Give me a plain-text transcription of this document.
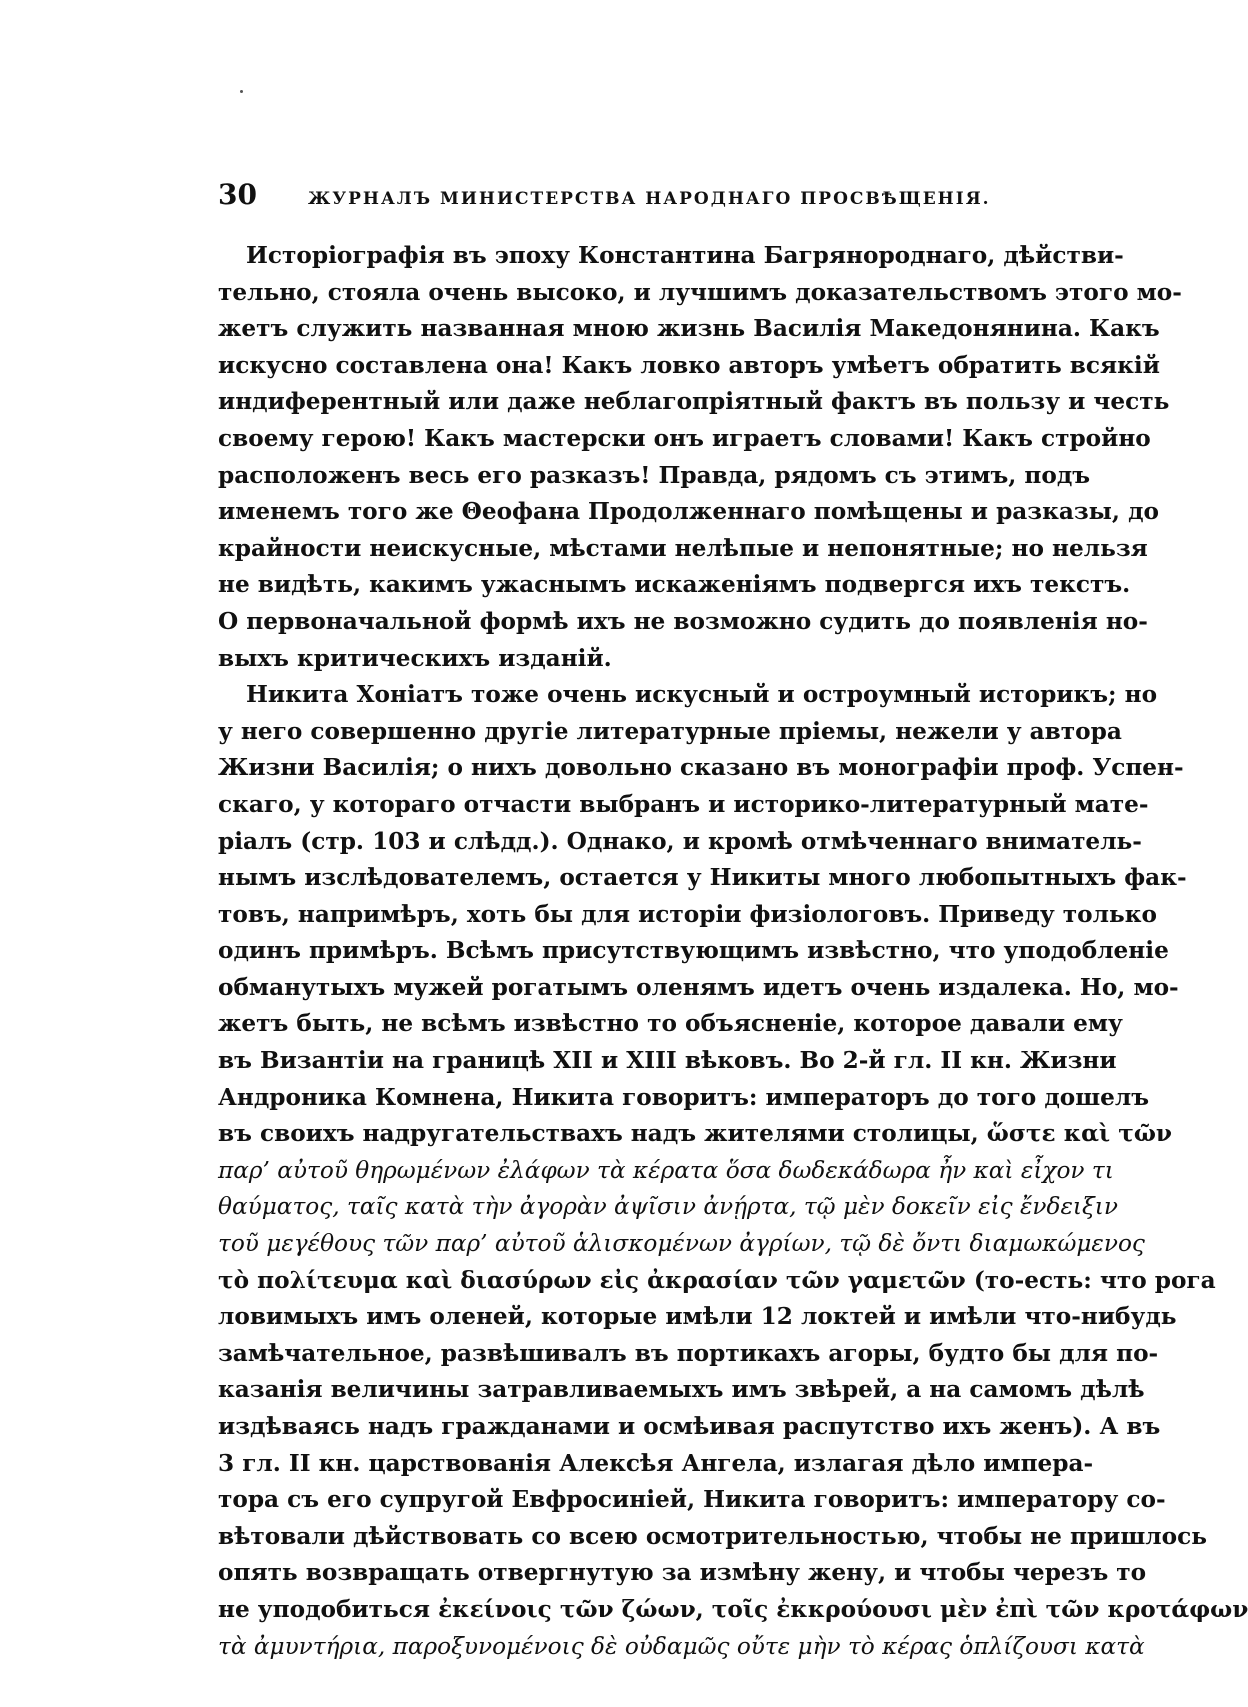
30	ЖУРНАЛЪ МИНИСТЕРСТВА НАРОДНАГО ПРОСВѢЩЕНІЯ.
Исторіографія въ эпоху Константина Багрянороднаго, дѣйстви-
тельно, стояла очень высоко, и лучшимъ доказательствомъ этого мо-
жетъ служить названная мною жизнь Василія Македонянина. Какъ
искусно составлена она! Какъ ловко авторъ умѣетъ обратить всякій
индиферентный или даже неблагопріятный фактъ въ пользу и честь
своему герою! Какъ мастерски онъ играетъ словами! Какъ стройно
расположенъ весь его разказъ! Правда, рядомъ съ этимъ, подъ
именемъ того же Θеофана Продолженнаго помѣщены и разказы, до
крайности неискусные, мѣстами нелѣпые и непонятные; но нельзя
не видѣть, какимъ ужаснымъ искаженіямъ подвергся ихъ текстъ.
О первоначальной формѣ ихъ не возможно судить до появленія но-
выхъ критическихъ изданій.
Никита Хоніатъ тоже очень искусный и остроумный историкъ; но
у него совершенно другіе литературные пріемы, нежели у автора
Жизни Василія; о нихъ довольно сказано въ монографіи проф. Успен-
скаго, у котораго отчасти выбранъ и историко-литературный мате-
ріалъ (стр. 103 и слѣдд.). Однако, и кромѣ отмѣченнаго вниматель-
нымъ изслѣдователемъ, остается у Никиты много любопытныхъ фак-
товъ, напримѣръ, хоть бы для исторіи физіологовъ. Приведу только
одинъ примѣръ. Всѣмъ присутствующимъ извѣстно, что уподобленіе
обманутыхъ мужей рогатымъ оленямъ идетъ очень издалека. Но, мо-
жетъ быть, не всѣмъ извѣстно то объясненіе, которое давали ему
въ Византіи на границѣ XII и XIII вѣковъ. Во 2-й гл. II кн. Жизни
Андроника Комнена, Никита говоритъ: императоръ до того дошелъ
въ своихъ надругательствахъ надъ жителями столицы, ὥστε καὶ τῶν
παρ’ αὐτοῦ θηρωμένων ἐλάφων τὰ κέρατα ὅσα δωδεκάδωρα ἦν καὶ εἶχον τι
θαύματος, ταῖς κατὰ τὴν ἀγορὰν ἀψῖσιν ἀνῄρτα, τῷ μὲν δοκεῖν εἰς ἔνδειξιν
τοῦ μεγέθους τῶν παρ’ αὐτοῦ ἁλισκομένων ἀγρίων, τῷ δὲ ὄντι διαμωκώμενος
τὸ πολίτευμα καὶ διασύρων εἰς ἀκρασίαν τῶν γαμετῶν (то-есть: что рога
ловимыхъ имъ оленей, которые имѣли 12 локтей и имѣли что-нибудь
замѣчательное, развѣшивалъ въ портикахъ агоры, будто бы для по-
казанія величины затравливаемыхъ имъ звѣрей, а на самомъ дѣлѣ
издѣваясь надъ гражданами и осмѣивая распутство ихъ женъ). А въ
3 гл. II кн. царствованія Алексѣя Ангела, излагая дѣло импера-
тора съ его супругой Евфросиніей, Никита говоритъ: императору со-
вѣтовали дѣйствовать со всею осмотрительностью, чтобы не пришлось
опять возвращать отвергнутую за измѣну жену, и чтобы черезъ то
не уподобиться ἐκείνοις τῶν ζώων, τοῖς ἐκκρούουσι μὲν ἐπὶ τῶν κροτάφων
τὰ ἀμυντήρια, παροξυνομένοις δὲ οὐδαμῶς οὔτε μὴν τὸ κέρας ὁπλίζουσι κατὰ
